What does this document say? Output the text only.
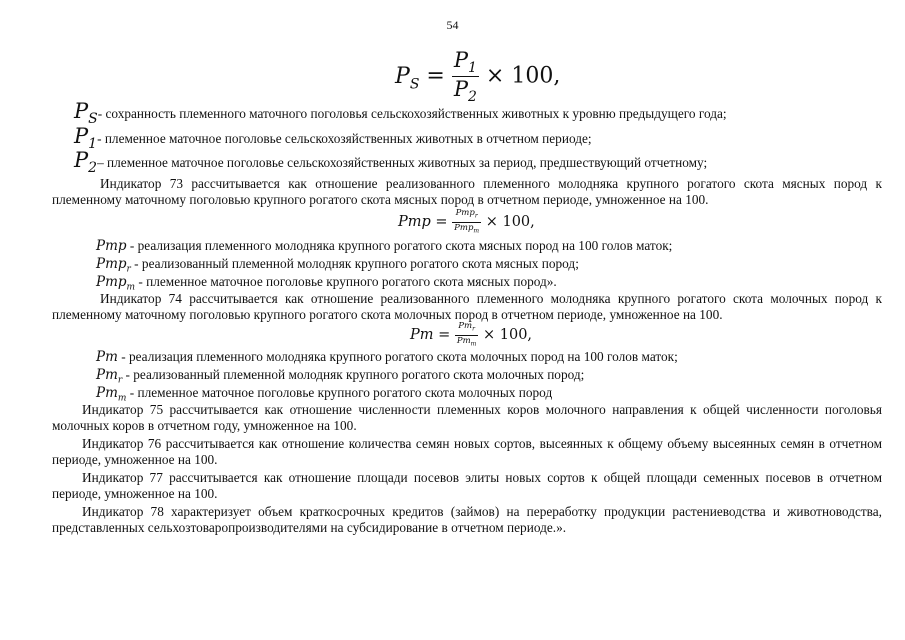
54
$P_S = \frac{P_1}{P_2} \times 100$,
$P_S-$ сохранность племенного маточного поголовья сельскохозяйственных животных к уровню предыдущего года;
$P_1-$ племенное маточное поголовье сельскохозяйственных животных в отчетном периоде;
$P_2-$ племенное маточное поголовье сельскохозяйственных животных за период, предшествующий отчетному;
Индикатор 73 рассчитывается как отношение реализованного племенного молодняка крупного рогатого скота мясных пород к племенному маточному поголовью крупного рогатого скота мясных пород в отчетном периоде, умноженное на 100.
Pmp = $\frac{Pmp_r}{Pmp_m} \times 100$,
Pmp - реализация племенного молодняка крупного рогатого скота мясных пород на 100 голов маток;
Pmp$_r$ - реализованный племенной молодняк крупного рогатого скота мясных пород;
Pmp$_m$ - племенное маточное поголовье крупного рогатого скота мясных пород».
Индикатор 74 рассчитывается как отношение реализованного племенного молодняка крупного рогатого скота молочных пород к племенному маточному поголовью крупного рогатого скота молочных пород в отчетном периоде, умноженное на 100.
$Pm = \frac{Pm_r}{Pm_m} \times 100$,
Pm - реализация племенного молодняка крупного рогатого скота молочных пород на 100 голов маток;
$Pm_r$ - реализованный племенной молодняк крупного рогатого скота молочных пород;
$Pm_m$ - племенное маточное поголовье крупного рогатого скота молочных пород
Индикатор 75 рассчитывается как отношение численности племенных коров молочного направления к общей численности поголовья молочных коров в отчетном году, умноженное на 100.
Индикатор 76 рассчитывается как отношение количества семян новых сортов, высеянных к общему объему высеянных семян в отчетном периоде, умноженное на 100.
Индикатор 77 рассчитывается как отношение площади посевов элиты новых сортов к общей площади семенных посевов в отчетном периоде, умноженное на 100.
Индикатор 78 характеризует объем краткосрочных кредитов (займов) на переработку продукции растениеводства и животноводства, представленных сельхозтоваропроизводителями на субсидирование в отчетном периоде.».
